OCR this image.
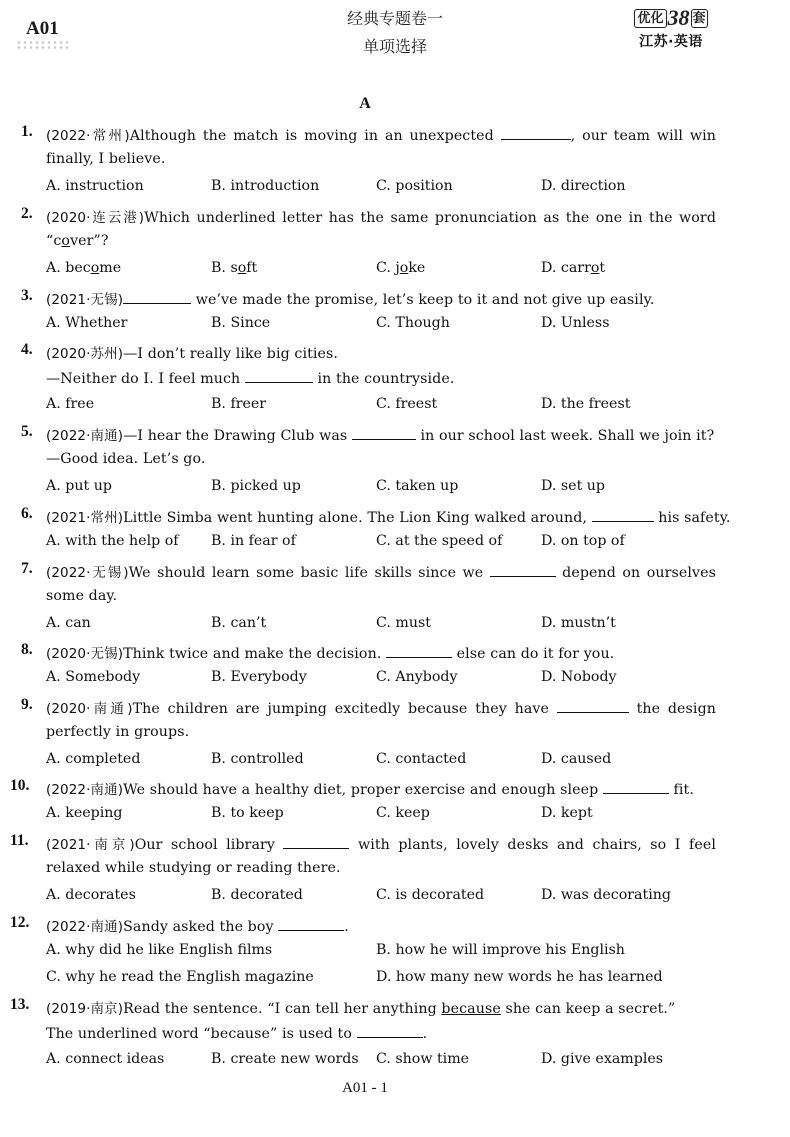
A01	经典专题卷一
单项选择
优化 38 套
江苏·英语
A
1. (2022·常州)Although the match is moving in an unexpected	, our team will win
finally, I believe.
A. instruction	B. introduction	C. position	D. direction
2. (2020·连云港)Which underlined letter has the same pronunciation as the one in the word
“cover”?
A. become	B. soft	C. joke	D. carrot
3. (2021·无锡)	we’ve made the promise, let’s keep to it and not give up easily.
A. Whether	B. Since	C. Though	D. Unless
4. (2020·苏州)—I don’t really like big cities.
—Neither do I. I feel much	in the countryside.
A. free	B. freer	C. freest	D. the freest
5. (2022·南通)—I hear the Drawing Club was	in our school last week. Shall we join it?
—Good idea. Let’s go.
A. put up	B. picked up	C. taken up	D. set up
6. (2021·常州)Little Simba went hunting alone. The Lion King walked around,	his safety.
A. with the help of B. in fear of	C. at the speed of	D. on top of
7. (2022·无锡)We should learn some basic life skills since we	depend on ourselves
some day.
A. can	B. can’t	C. must	D. mustn’t
8. (2020·无锡)Think twice and make the decision.	else can do it for you.
A. Somebody	B. Everybody	C. Anybody	D. Nobody
9. (2020·南通)The children are jumping excitedly because they have	the design
perfectly in groups.
A. completed	B. controlled	C. contacted	D. caused
10. (2022·南通)We should have a healthy diet, proper exercise and enough sleep	fit.
A. keeping	B. to keep	C. keep	D. kept
11. (2021·南京)Our school library	with plants, lovely desks and chairs, so I feel
relaxed while studying or reading there.
A. decorates	B. decorated	C. is decorated	D. was decorating
12. (2022·南通)Sandy asked the boy	.
A. why did he like English films	B. how he will improve his English
C. why he read the English magazine	D. how many new words he has learned
13. (2019·南京)Read the sentence. “I can tell her anything because she can keep a secret.”
The underlined word “because” is used to	.
A. connect ideas	B. create new words C. show time	D. give examples
A01 - 1
